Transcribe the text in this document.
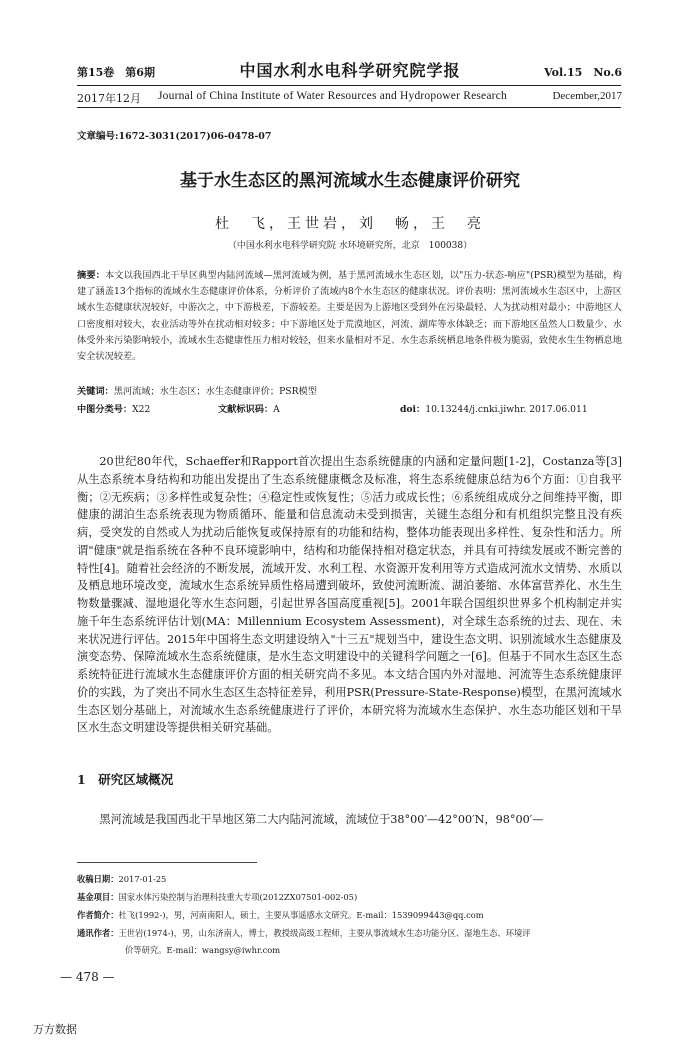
第15卷　第6期	中国水利水电科学研究院学报	Vol.15　No.6
2017年12月 Journal of China Institute of Water Resources and Hydropower Research	December,2017
文章编号:1672-3031(2017)06-0478-07
基于水生态区的黑河流域水生态健康评价研究
杜　飞，王世岩，刘　畅，王　亮
（中国水利水电科学研究院 水环境研究所，北京　100038）
摘要：本文以我国西北干旱区典型内陆河流域—黑河流域为例，基于黑河流域水生态区划，以"压力-状态-响应"(PSR)模型为基础，构建了涵盖13个指标的流域水生态健康评价体系，分析评价了流域内8个水生态区的健康状况。评价表明：黑河流域水生态区中，上游区域水生态健康状况较好，中游次之，中下游极差，下游较差。主要是因为上游地区受到外在污染最轻、人为扰动相对最小；中游地区人口密度相对较大，农业活动等外在扰动相对较多；中下游地区处于荒漠地区，河流、湖库等水体缺乏；而下游地区虽然人口数量少、水体受外来污染影响较小，流域水生态健康性压力相对较轻，但来水量相对不足、水生态系统栖息地条件极为脆弱，致使水生生物栖息地安全状况较差。
关键词：黑河流域；水生态区；水生态健康评价；PSR模型
中图分类号：X22	文献标识码：A	doi：10.13244/j.cnki.jiwhr. 2017.06.011
20世纪80年代，Schaeffer和Rapport首次提出生态系统健康的内涵和定量问题[1-2]，Costanza等[3]从生态系统本身结构和功能出发提出了生态系统健康概念及标准，将生态系统健康总结为6个方面：①自我平衡；②无疾病；③多样性或复杂性；④稳定性或恢复性；⑤活力或成长性；⑥系统组成成分之间维持平衡，即健康的湖泊生态系统表现为物质循环、能量和信息流动未受到损害，关键生态组分和有机组织完整且没有疾病，受突发的自然或人为扰动后能恢复或保持原有的功能和结构，整体功能表现出多样性、复杂性和活力。所谓"健康"就是指系统在各种不良环境影响中，结构和功能保持相对稳定状态，并具有可持续发展或不断完善的特性[4]。随着社会经济的不断发展，流域开发、水利工程、水资源开发利用等方式造成河流水文情势、水质以及栖息地环境改变，流域水生态系统异质性格局遭到破坏，致使河流断流、湖泊萎缩、水体富营养化、水生生物数量骤减、湿地退化等水生态问题，引起世界各国高度重视[5]。2001年联合国组织世界多个机构制定并实施千年生态系统评估计划(MA：Millennium Ecosystem Assessment)，对全球生态系统的过去、现在、未来状况进行评估。2015年中国将生态文明建设纳入"十三五"规划当中，建设生态文明、识别流域水生态健康及演变态势、保障流域水生态系统健康，是水生态文明建设中的关键科学问题之一[6]。但基于不同水生态区生态系统特征进行流域水生态健康评价方面的相关研究尚不多见。本文结合国内外对湿地、河流等生态系统健康评价的实践，为了突出不同水生态区生态特征差异，利用PSR(Pressure-State-Response)模型，在黑河流域水生态区划分基础上，对流域水生态系统健康进行了评价，本研究将为流域水生态保护、水生态功能区划和干旱区水生态文明建设等提供相关研究基础。
1　研究区域概况
黑河流域是我国西北干旱地区第二大内陆河流域，流域位于38°00′—42°00′N，98°00′—
收稿日期：2017-01-25
基金项目：国家水体污染控制与治理科技重大专项(2012ZX07501-002-05)
作者简介：杜飞(1992-)，男，河南南阳人，硕士，主要从事遥感水文研究。E-mail：1539099443@qq.com
通讯作者：王世岩(1974-)，男，山东济南人，博士，教授级高级工程师，主要从事流域水生态功能分区、湿地生态、环境评
价等研究。E-mail：wangsy@iwhr.com
— 478 —
万方数据
